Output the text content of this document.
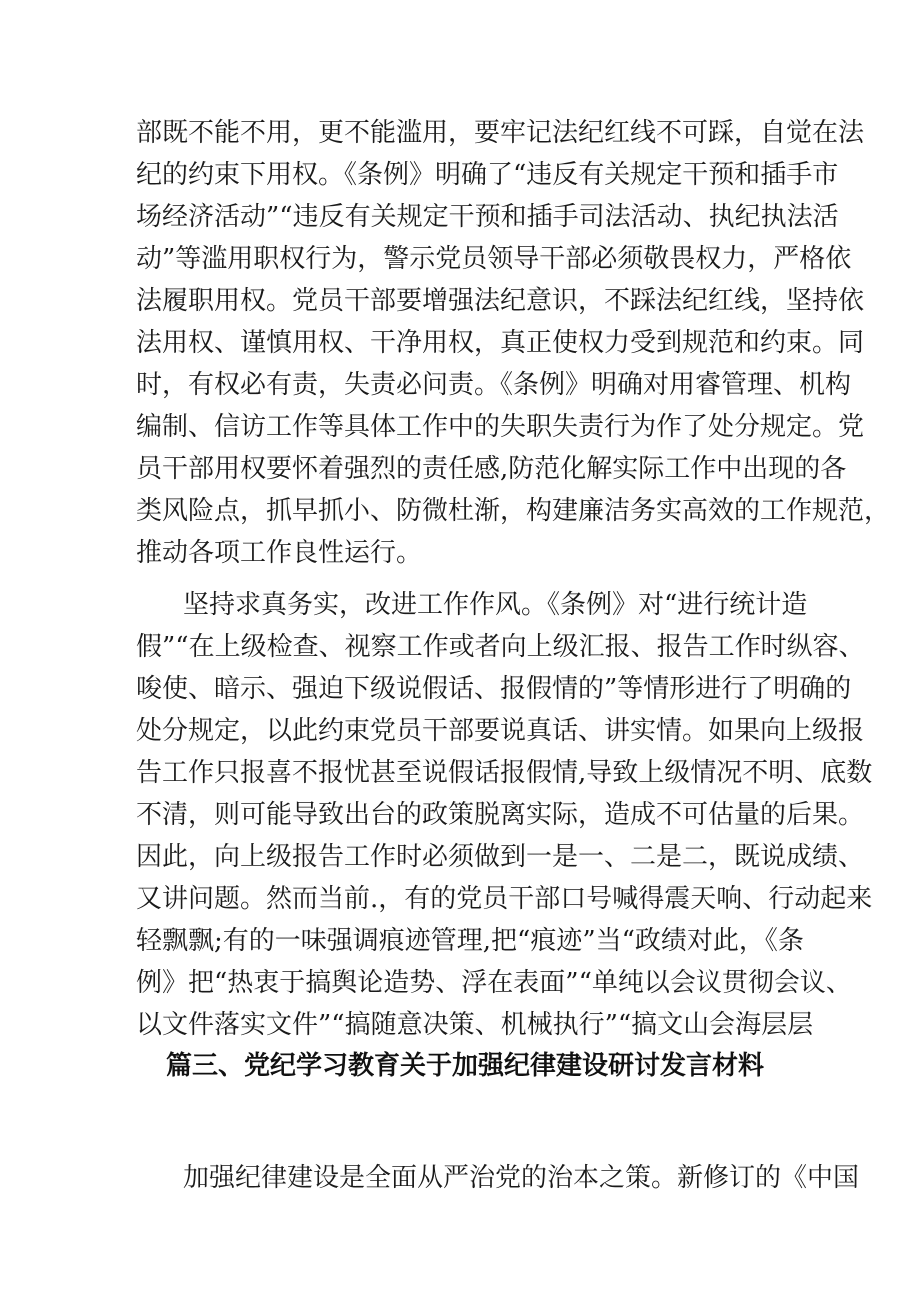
部既不能不用，更不能滥用，要牢记法纪红线不可踩，自觉在法
纪的约束下用权。《条例》明确了“违反有关规定干预和插手市
场经济活动”“违反有关规定干预和插手司法活动、执纪执法活
动”等滥用职权行为，警示党员领导干部必须敬畏权力，严格依
法履职用权。党员干部要增强法纪意识，不踩法纪红线，坚持依
法用权、谨慎用权、干净用权，真正使权力受到规范和约束。同
时，有权必有责，失责必问责。《条例》明确对用睿管理、机构
编制、信访工作等具体工作中的失职失责行为作了处分规定。党
员干部用权要怀着强烈的责任感,防范化解实际工作中出现的各
类风险点，抓早抓小、防微杜渐，构建廉洁务实高效的工作规范，
推动各项工作良性运行。
坚持求真务实，改进工作作风。《条例》对“进行统计造
假”“在上级检查、视察工作或者向上级汇报、报告工作时纵容、
唆使、暗示、强迫下级说假话、报假情的”等情形进行了明确的
处分规定，以此约束党员干部要说真话、讲实情。如果向上级报
告工作只报喜不报忧甚至说假话报假情,导致上级情况不明、底数
不清，则可能导致出台的政策脱离实际，造成不可估量的后果。
因此，向上级报告工作时必须做到一是一、二是二，既说成绩、
又讲问题。然而当前.，有的党员干部口号喊得震天响、行动起来
轻飘飘;有的一味强调痕迹管理,把“痕迹”当“政绩对此，《条
例》把“热衷于搞舆论造势、浮在表面”“单纯以会议贯彻会议、
以文件落实文件”“搞随意决策、机械执行”“搞文山会海层层
篇三、党纪学习教育关于加强纪律建设研讨发言材料
加强纪律建设是全面从严治党的治本之策。新修订的《中国
